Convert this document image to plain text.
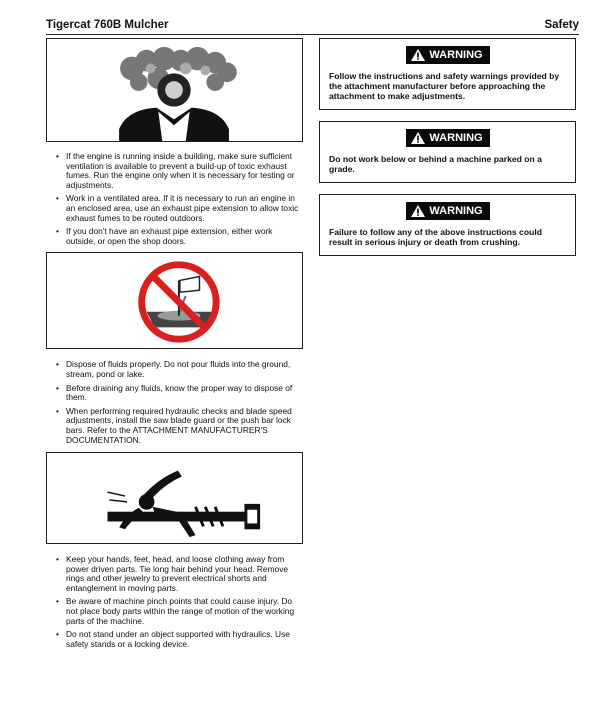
Tigercat 760B Mulcher	Safety
• If the engine is running inside a building, make sure sufficient ventilation is available to prevent a build-up of toxic exhaust fumes. Run the engine only when it is necessary for testing or adjustments.
• Work in a ventilated area. If it is necessary to run an engine in an enclosed area, use an exhaust pipe extension to allow toxic exhaust fumes to be routed outdoors.
• If you don't have an exhaust pipe extension, either work outside, or open the shop doors.
• Dispose of fluids properly. Do not pour fluids into the ground, stream, pond or lake.
• Before draining any fluids, know the proper way to dispose of them.
• When performing required hydraulic checks and blade speed adjustments, install the saw blade guard or the push bar lock bars. Refer to the ATTACHMENT MANUFACTURER'S DOCUMENTATION.
• Keep your hands, feet, head, and loose clothing away from power driven parts. Tie long hair behind your head. Remove rings and other jewelry to prevent electrical shorts and entanglement in moving parts.
• Be aware of machine pinch points that could cause injury. Do not place body parts within the range of motion of the working parts of the machine.
• Do not stand under an object supported with hydraulics. Use safety stands or a locking device.
WARNING
Follow the instructions and safety warnings provided by the attachment manufacturer before approaching the attachment to make adjustments.
WARNING
Do not work below or behind a machine parked on a grade.
WARNING
Failure to follow any of the above instructions could result in serious injury or death from crushing.
